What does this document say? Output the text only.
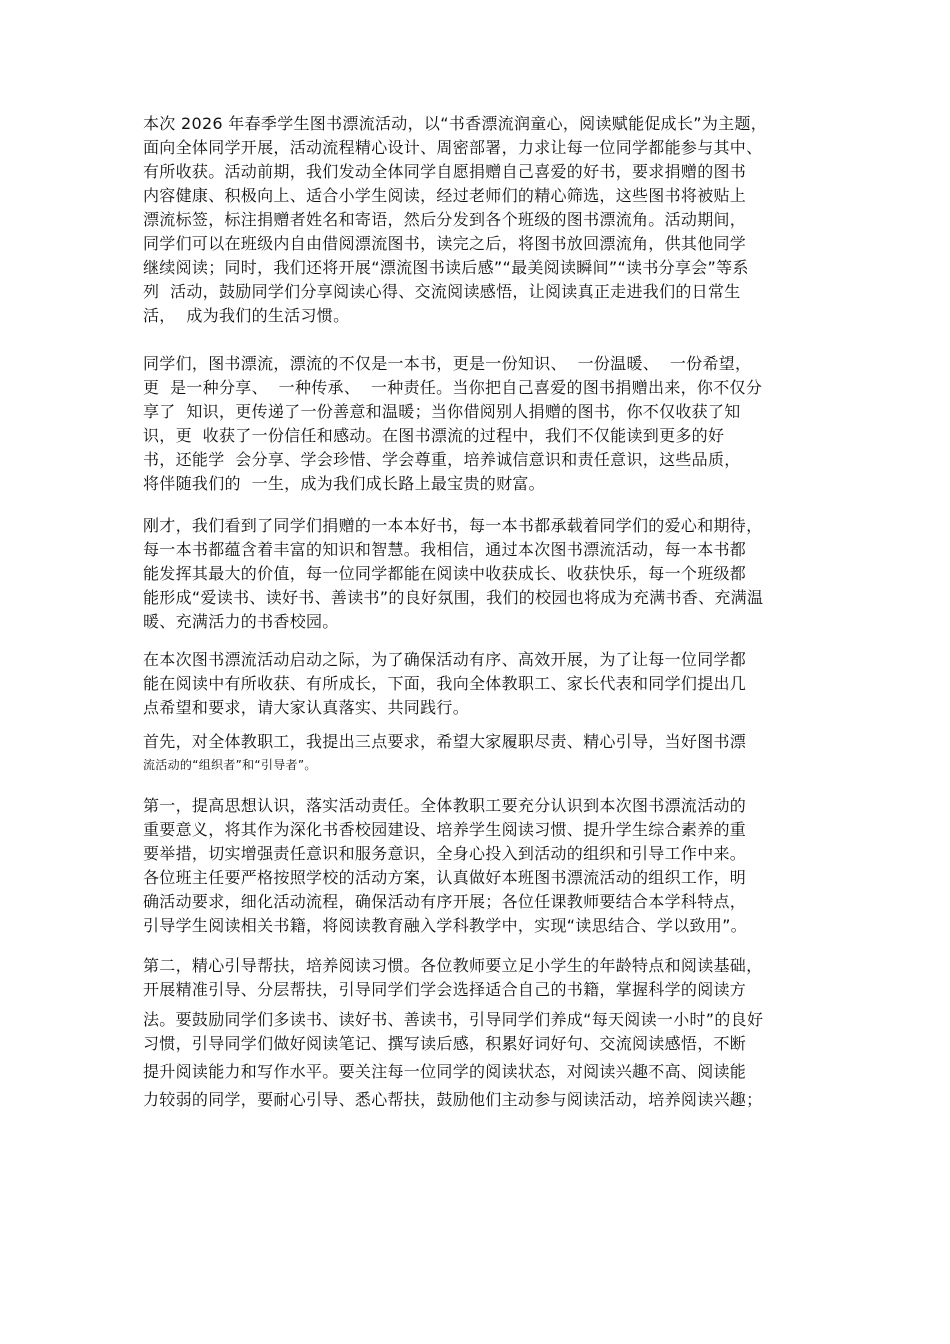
本次 2026 年春季学生图书漂流活动，以“书香漂流润童心，阅读赋能促成长”为主题，
面向全体同学开展，活动流程精心设计、周密部署，力求让每一位同学都能参与其中、
有所收获。活动前期，我们发动全体同学自愿捐赠自己喜爱的好书，要求捐赠的图书
内容健康、积极向上、适合小学生阅读，经过老师们的精心筛选，这些图书将被贴上
漂流标签，标注捐赠者姓名和寄语，然后分发到各个班级的图书漂流角。活动期间，
同学们可以在班级内自由借阅漂流图书，读完之后，将图书放回漂流角，供其他同学
继续阅读；同时，我们还将开展“漂流图书读后感”“最美阅读瞬间”“读书分享会”等系
列  活动，鼓励同学们分享阅读心得、交流阅读感悟，让阅读真正走进我们的日常生
活，  成为我们的生活习惯。
同学们，图书漂流，漂流的不仅是一本书，更是一份知识、  一份温暖、  一份希望，
更  是一种分享、  一种传承、  一种责任。当你把自己喜爱的图书捐赠出来，你不仅分
享了  知识，更传递了一份善意和温暖；当你借阅别人捐赠的图书，你不仅收获了知
识，更  收获了一份信任和感动。在图书漂流的过程中，我们不仅能读到更多的好
书，还能学  会分享、学会珍惜、学会尊重，培养诚信意识和责任意识，这些品质，
将伴随我们的  一生，成为我们成长路上最宝贵的财富。
刚才，我们看到了同学们捐赠的一本本好书，每一本书都承载着同学们的爱心和期待，
每一本书都蕴含着丰富的知识和智慧。我相信，通过本次图书漂流活动，每一本书都
能发挥其最大的价值，每一位同学都能在阅读中收获成长、收获快乐，每一个班级都
能形成“爱读书、读好书、善读书”的良好氛围，我们的校园也将成为充满书香、充满温
暖、充满活力的书香校园。
在本次图书漂流活动启动之际，为了确保活动有序、高效开展，为了让每一位同学都
能在阅读中有所收获、有所成长，下面，我向全体教职工、家长代表和同学们提出几
点希望和要求，请大家认真落实、共同践行。
首先，对全体教职工，我提出三点要求，希望大家履职尽责、精心引导，当好图书漂
流活动的“组织者”和“引导者”。
第一，提高思想认识，落实活动责任。全体教职工要充分认识到本次图书漂流活动的
重要意义，将其作为深化书香校园建设、培养学生阅读习惯、提升学生综合素养的重
要举措，切实增强责任意识和服务意识，全身心投入到活动的组织和引导工作中来。
各位班主任要严格按照学校的活动方案，认真做好本班图书漂流活动的组织工作，明
确活动要求，细化活动流程，确保活动有序开展；各位任课教师要结合本学科特点，
引导学生阅读相关书籍，将阅读教育融入学科教学中，实现“读思结合、学以致用”。
第二，精心引导帮扶，培养阅读习惯。各位教师要立足小学生的年龄特点和阅读基础，
开展精准引导、分层帮扶，引导同学们学会选择适合自己的书籍，掌握科学的阅读方
法。要鼓励同学们多读书、读好书、善读书，引导同学们养成“每天阅读一小时”的良好
习惯，引导同学们做好阅读笔记、撰写读后感，积累好词好句、交流阅读感悟，不断
提升阅读能力和写作水平。要关注每一位同学的阅读状态，对阅读兴趣不高、阅读能
力较弱的同学，要耐心引导、悉心帮扶，鼓励他们主动参与阅读活动，培养阅读兴趣；
